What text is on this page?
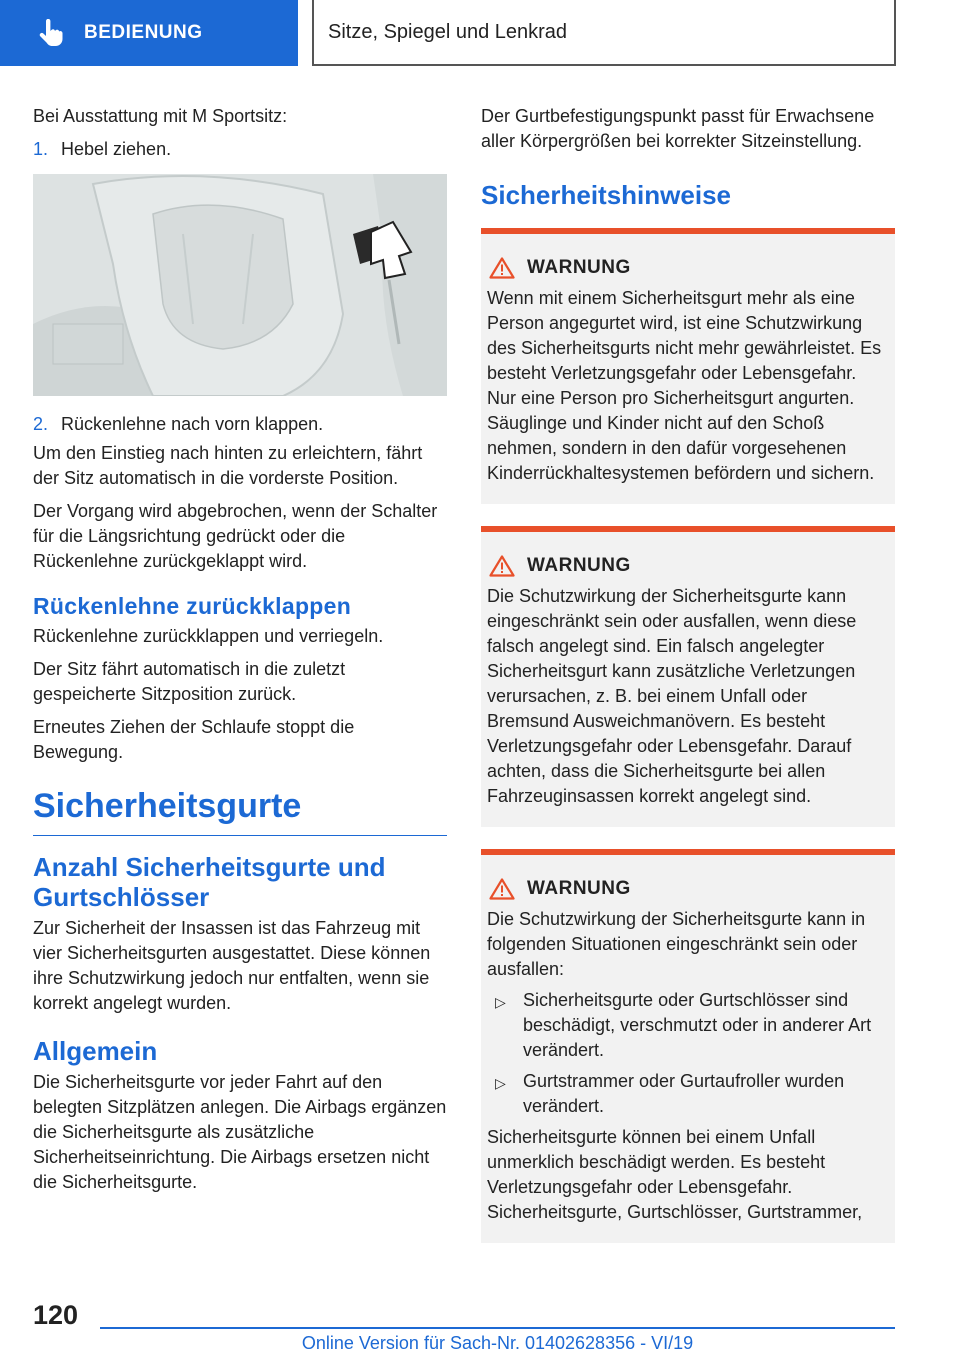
BEDIENUNG	Sitze, Spiegel und Lenkrad

Bei Ausstattung mit M Sportsitz:

1. Hebel ziehen.
2. Rückenlehne nach vorn klappen.

Um den Einstieg nach hinten zu erleichtern, fährt der Sitz automatisch in die vorderste Position.

Der Vorgang wird abgebrochen, wenn der Schalter für die Längsrichtung gedrückt oder die Rückenlehne zurückgeklappt wird.

Rückenlehne zurückklappen

Rückenlehne zurückklappen und verriegeln.

Der Sitz fährt automatisch in die zuletzt gespeicherte Sitzposition zurück.

Erneutes Ziehen der Schlaufe stoppt die Bewegung.

Sicherheitsgurte
Anzahl Sicherheitsgurte und Gurtschlösser

Zur Sicherheit der Insassen ist das Fahrzeug mit vier Sicherheitsgurten ausgestattet. Diese können ihre Schutzwirkung jedoch nur entfalten, wenn sie korrekt angelegt wurden.

Allgemein

Die Sicherheitsgurte vor jeder Fahrt auf den belegten Sitzplätzen anlegen. Die Airbags ergänzen die Sicherheitsgurte als zusätzliche Sicherheitseinrichtung. Die Airbags ersetzen nicht die Sicherheitsgurte.

Der Gurtbefestigungspunkt passt für Erwachsene aller Körpergrößen bei korrekter Sitzeinstellung.

Sicherheitshinweise
WARNUNG

Wenn mit einem Sicherheitsgurt mehr als eine Person angegurtet wird, ist eine Schutzwirkung des Sicherheitsgurts nicht mehr gewährleistet. Es besteht Verletzungsgefahr oder Lebensgefahr. Nur eine Person pro Sicherheitsgurt angurten. Säuglinge und Kinder nicht auf den Schoß nehmen, sondern in den dafür vorgesehenen Kinderrückhaltesystemen befördern und sichern.

WARNUNG

Die Schutzwirkung der Sicherheitsgurte kann eingeschränkt sein oder ausfallen, wenn diese falsch angelegt sind. Ein falsch angelegter Sicherheitsgurt kann zusätzliche Verletzungen verursachen, z. B. bei einem Unfall oder Bremsund Ausweichmanövern. Es besteht Verletzungsgefahr oder Lebensgefahr. Darauf achten, dass die Sicherheitsgurte bei allen Fahrzeuginsassen korrekt angelegt sind.

WARNUNG

Die Schutzwirkung der Sicherheitsgurte kann in folgenden Situationen eingeschränkt sein oder ausfallen:

▷ Sicherheitsgurte oder Gurtschlösser sind beschädigt, verschmutzt oder in anderer Art verändert.
▷ Gurtstrammer oder Gurtaufroller wurden verändert.

Sicherheitsgurte können bei einem Unfall unmerklich beschädigt werden. Es besteht Verletzungsgefahr oder Lebensgefahr. Sicherheitsgurte, Gurtschlösser, Gurtstrammer,

120
Online Version für Sach-Nr. 01402628356 - VI/19
